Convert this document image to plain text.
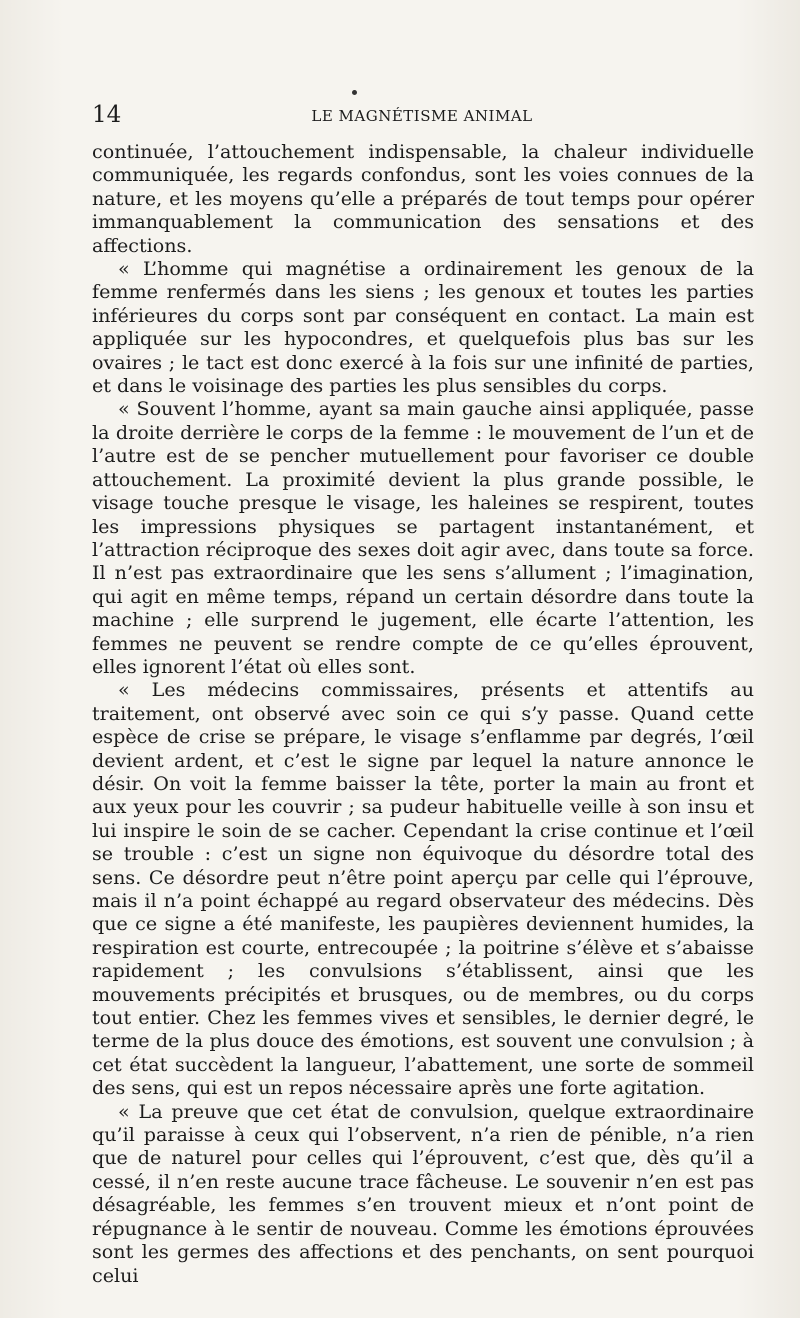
14	LE MAGNÉTISME ANIMAL

continuée, l’attouchement indispensable, la chaleur individuelle communiquée, les regards confondus, sont les voies connues de la nature, et les moyens qu’elle a préparés de tout temps pour opérer immanquablement la communication des sensations et des affections.

« L’homme qui magnétise a ordinairement les genoux de la femme renfermés dans les siens ; les genoux et toutes les parties inférieures du corps sont par conséquent en contact. La main est appliquée sur les hypocondres, et quelquefois plus bas sur les ovaires ; le tact est donc exercé à la fois sur une infinité de parties, et dans le voisinage des parties les plus sensibles du corps.

« Souvent l’homme, ayant sa main gauche ainsi appliquée, passe la droite derrière le corps de la femme : le mouvement de l’un et de l’autre est de se pencher mutuellement pour favoriser ce double attouchement. La proximité devient la plus grande possible, le visage touche presque le visage, les haleines se respirent, toutes les impressions physiques se partagent instantanément, et l’attraction réciproque des sexes doit agir avec, dans toute sa force. Il n’est pas extraordinaire que les sens s’allument ; l’imagination, qui agit en même temps, répand un certain désordre dans toute la machine ; elle surprend le jugement, elle écarte l’attention, les femmes ne peuvent se rendre compte de ce qu’elles éprouvent, elles ignorent l’état où elles sont.

« Les médecins commissaires, présents et attentifs au traitement, ont observé avec soin ce qui s’y passe. Quand cette espèce de crise se prépare, le visage s’enflamme par degrés, l’œil devient ardent, et c’est le signe par lequel la nature annonce le désir. On voit la femme baisser la tête, porter la main au front et aux yeux pour les couvrir ; sa pudeur habituelle veille à son insu et lui inspire le soin de se cacher. Cependant la crise continue et l’œil se trouble : c’est un signe non équivoque du désordre total des sens. Ce désordre peut n’être point aperçu par celle qui l’éprouve, mais il n’a point échappé au regard observateur des médecins. Dès que ce signe a été manifeste, les paupières deviennent humides, la respiration est courte, entrecoupée ; la poitrine s’élève et s’abaisse rapidement ; les convulsions s’établissent, ainsi que les mouvements précipités et brusques, ou de membres, ou du corps tout entier. Chez les femmes vives et sensibles, le dernier degré, le terme de la plus douce des émotions, est souvent une convulsion ; à cet état succèdent la langueur, l’abattement, une sorte de sommeil des sens, qui est un repos nécessaire après une forte agitation.

« La preuve que cet état de convulsion, quelque extraordinaire qu’il paraisse à ceux qui l’observent, n’a rien de pénible, n’a rien que de naturel pour celles qui l’éprouvent, c’est que, dès qu’il a cessé, il n’en reste aucune trace fâcheuse. Le souvenir n’en est pas désagréable, les femmes s’en trouvent mieux et n’ont point de répugnance à le sentir de nouveau. Comme les émotions éprouvées sont les germes des affections et des penchants, on sent pourquoi celui
